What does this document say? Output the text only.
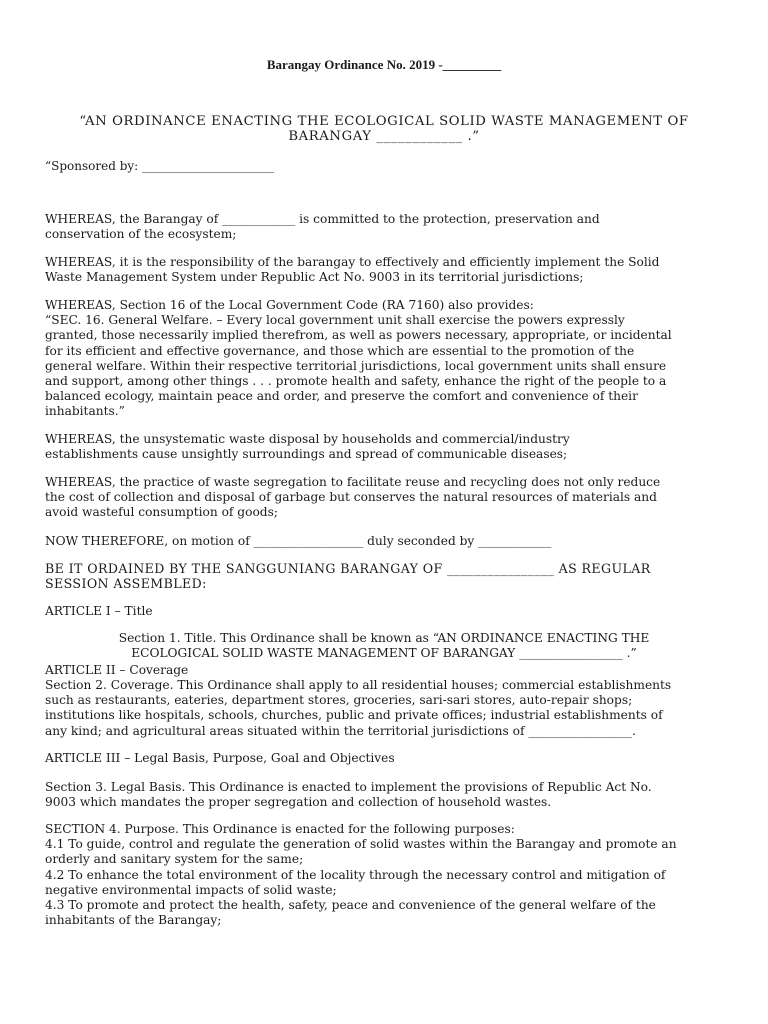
Barangay Ordinance No. 2019 -_________

“AN ORDINANCE ENACTING THE ECOLOGICAL SOLID WASTE MANAGEMENT OF
BARANGAY ____________ .”

“Sponsored by: ______________________

WHEREAS, the Barangay of ____________ is committed to the protection, preservation and
conservation of the ecosystem;
WHEREAS, it is the responsibility of the barangay to effectively and efficiently implement the Solid
Waste Management System under Republic Act No. 9003 in its territorial jurisdictions;
WHEREAS, Section 16 of the Local Government Code (RA 7160) also provides:
“SEC. 16. General Welfare. – Every local government unit shall exercise the powers expressly
granted, those necessarily implied therefrom, as well as powers necessary, appropriate, or incidental
for its efficient and effective governance, and those which are essential to the promotion of the
general welfare. Within their respective territorial jurisdictions, local government units shall ensure
and support, among other things . . . promote health and safety, enhance the right of the people to a
balanced ecology, maintain peace and order, and preserve the comfort and convenience of their
inhabitants.”
WHEREAS, the unsystematic waste disposal by households and commercial/industry
establishments cause unsightly surroundings and spread of communicable diseases;
WHEREAS, the practice of waste segregation to facilitate reuse and recycling does not only reduce
the cost of collection and disposal of garbage but conserves the natural resources of materials and
avoid wasteful consumption of goods;

NOW THEREFORE, on motion of __________________ duly seconded by ____________

BE IT ORDAINED BY THE SANGGUNIANG BARANGAY OF ________________ AS REGULAR
SESSION ASSEMBLED:

ARTICLE I – Title

Section 1. Title. This Ordinance shall be known as “AN ORDINANCE ENACTING THE
ECOLOGICAL SOLID WASTE MANAGEMENT OF BARANGAY _________________ .”

ARTICLE II – Coverage

Section 2. Coverage. This Ordinance shall apply to all residential houses; commercial establishments
such as restaurants, eateries, department stores, groceries, sari-sari stores, auto-repair shops;
institutions like hospitals, schools, churches, public and private offices; industrial establishments of
any kind; and agricultural areas situated within the territorial jurisdictions of _________________.

ARTICLE III – Legal Basis, Purpose, Goal and Objectives

Section 3. Legal Basis. This Ordinance is enacted to implement the provisions of Republic Act No.
9003 which mandates the proper segregation and collection of household wastes.
SECTION 4. Purpose. This Ordinance is enacted for the following purposes:
4.1 To guide, control and regulate the generation of solid wastes within the Barangay and promote an
orderly and sanitary system for the same;
4.2 To enhance the total environment of the locality through the necessary control and mitigation of
negative environmental impacts of solid waste;
4.3 To promote and protect the health, safety, peace and convenience of the general welfare of the
inhabitants of the Barangay;
